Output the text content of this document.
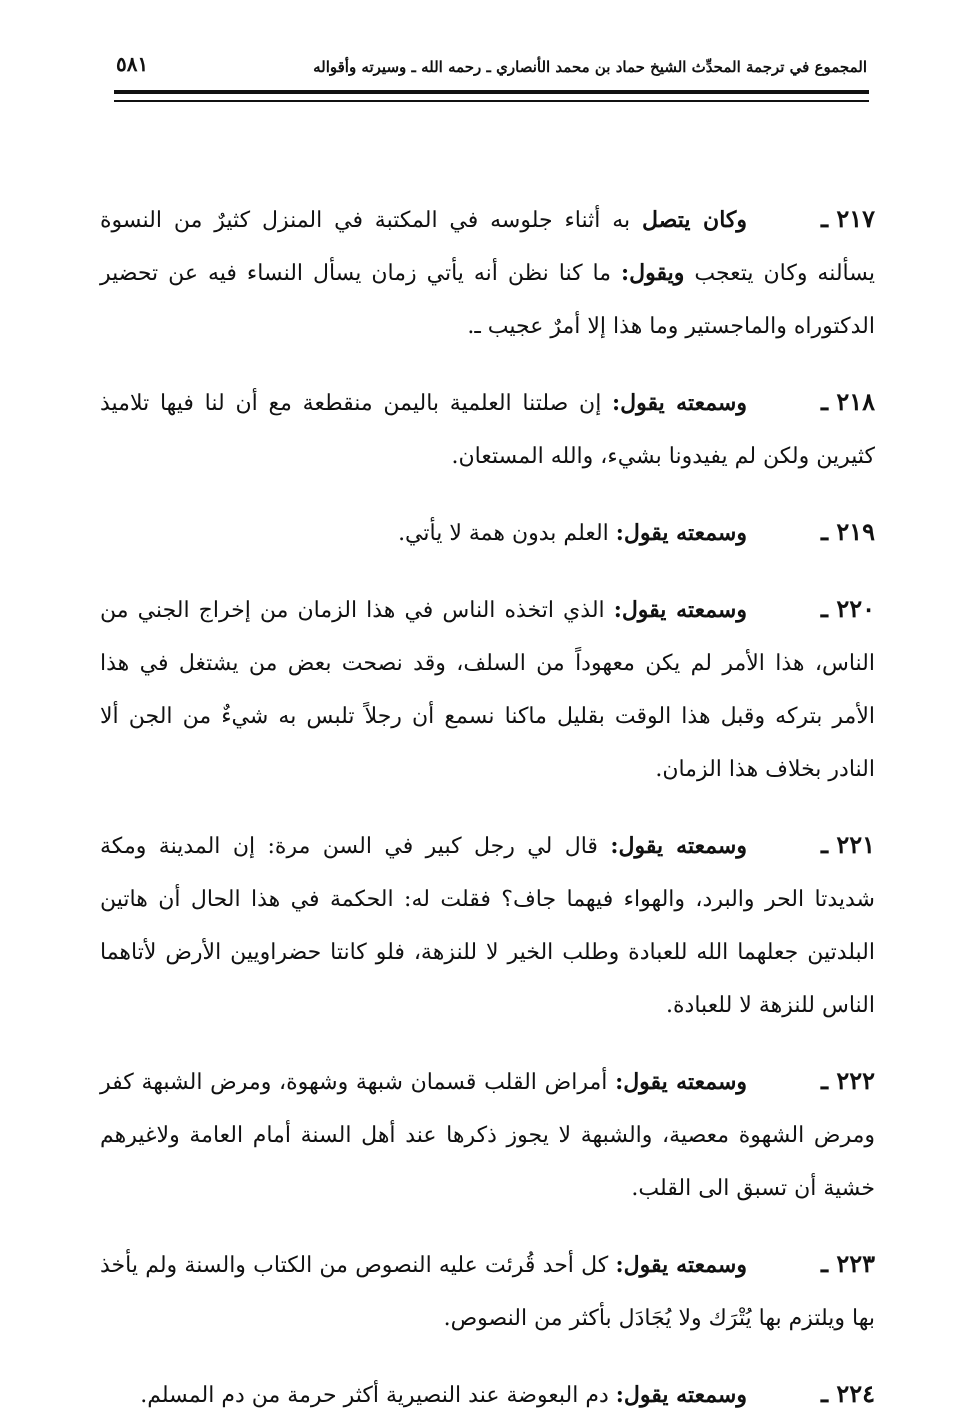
المجموع في ترجمة المحدِّث الشيخ حماد بن محمد الأنصاري ـ رحمه الله ـ وسيرته وأقواله
٥٨١

٢١٧ ـوكان يتصل به أثناء جلوسه في المكتبة في المنزل كثيرٌ من النسوة يسألنه وكان يتعجب ويقول: ما كنا نظن أنه يأتي زمان يسأل النساء فيه عن تحضير الدكتوراه والماجستير وما هذا إلا أمرٌ عجيب ـ.

٢١٨ ـوسمعته يقول: إن صلتنا العلمية باليمن منقطعة مع أن لنا فيها تلاميذ كثيرين ولكن لم يفيدونا بشيء، والله المستعان.

٢١٩ ـوسمعته يقول: العلم بدون همة لا يأتي.

٢٢٠ ـوسمعته يقول: الذي اتخذه الناس في هذا الزمان من إخراج الجني من الناس، هذا الأمر لم يكن معهوداً من السلف، وقد نصحت بعض من يشتغل في هذا الأمر بتركه وقبل هذا الوقت بقليل ماكنا نسمع أن رجلاً تلبس به شيءٌ من الجن ألا النادر بخلاف هذا الزمان.

٢٢١ ـوسمعته يقول: قال لي رجل كبير في السن مرة: إن المدينة ومكة شديدتا الحر والبرد، والهواء فيهما جاف؟ فقلت له: الحكمة في هذا الحال أن هاتين البلدتين جعلهما الله للعبادة وطلب الخير لا للنزهة، فلو كانتا حضراويين الأرض لأتاهما الناس للنزهة لا للعبادة.

٢٢٢ ـوسمعته يقول: أمراض القلب قسمان شبهة وشهوة، ومرض الشبهة كفر ومرض الشهوة معصية، والشبهة لا يجوز ذكرها عند أهل السنة أمام العامة ولاغيرهم خشية أن تسبق الى القلب.

٢٢٣ ـوسمعته يقول: كل أحد قُرئت عليه النصوص من الكتاب والسنة ولم يأخذ بها ويلتزم بها يُتْرَك ولا يُجَادَل بأكثر من النصوص.

٢٢٤ ـوسمعته يقول: دم البعوضة عند النصيرية أكثر حرمة من دم المسلم.
